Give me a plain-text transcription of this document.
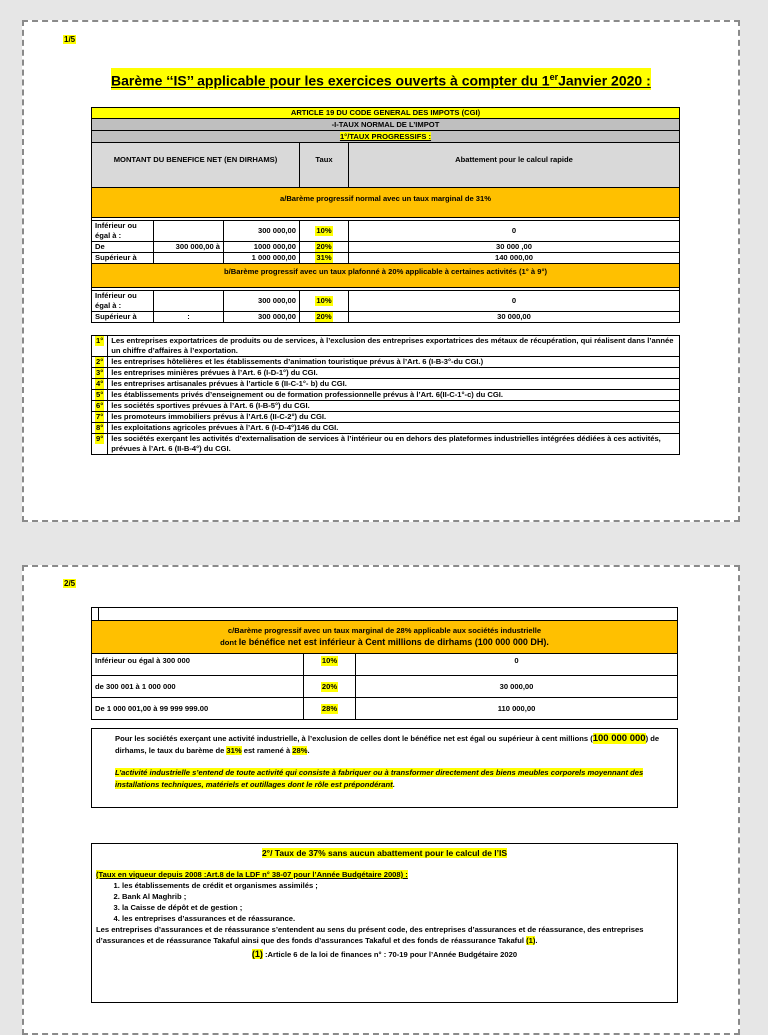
1/5
Barème ‘‘IS’’ applicable pour les exercices ouverts à compter du 1erJanvier 2020 :
ARTICLE 19 DU CODE GENERAL DES IMPOTS (CGI)				
-I-TAUX NORMAL DE L’IMPOT				
1°/TAUX PROGRESSIFS :				
MONTANT DU BENEFICE NET (EN DIRHAMS)			Taux	Abattement pour le calcul rapide
a/Barème progressif normal avec un taux marginal de 31%				

Inférieur ou égal à :		300 000,00	10%	0
De	300 000,00 à	1000 000,00	20%	30 000 ,00
Supérieur à		1 000 000,00	31%	140 000,00
b/Barème progressif avec un taux plafonné à 20% applicable à certaines activités (1° à 9°)				

Inférieur ou égal à :		300 000,00	10%	0
Supérieur à	:	300 000,00	20%	30 000,00
1°	Les entreprises exportatrices de produits ou de services, à l’exclusion des entreprises exportatrices des métaux de récupération, qui réalisent dans l’année un chiffre d’affaires à l’exportation.
2°	les entreprises hôtelières et les établissements d’animation touristique prévus à l’Art. 6 (I-B-3°-du CGI.)
3°	les entreprises minières prévues à l’Art. 6 (I-D-1°) du CGI.
4°	les entreprises artisanales prévues à l’article 6 (II-C-1°- b) du CGI.
5°	les établissements privés d’enseignement ou de formation professionnelle prévus à l’Art. 6(II-C-1°-c) du CGI.
6°	les sociétés sportives prévues à l’Art. 6 (I-B-5°) du CGI.
7°	les promoteurs immobiliers prévus à l’Art.6 (II-C-2°) du CGI.
8°	les exploitations agricoles prévues à l’Art. 6 (I-D-4°)146 du CGI.
9°	les sociétés exerçant les activités d’externalisation de services à l’intérieur ou en dehors des plateformes industrielles intégrées dédiées à ces activités, prévues à l’Art. 6 (II-B-4°) du CGI.
2/5

c/Barème progressif avec un taux marginal de 28% applicable aux sociétés industrielle
dont le bénéfice net est inférieur à Cent millions de dirhams (100 000 000 DH).			

Inférieur ou égal à 300 000		10%	0
de 300 001 à 1 000 000		20%	30 000,00
De 1 000 001,00 à 99 999 999.00		28%	110 000,00
Pour les sociétés exerçant une activité industrielle, à l’exclusion de celles dont le bénéfice net est égal ou supérieur à cent millions (100 000 000) de dirhams, le taux du barème de 31% est ramené à 28%.
L’activité industrielle s’entend de toute activité qui consiste à fabriquer ou à transformer directement des biens meubles corporels moyennant des installations techniques, matériels et outillages dont le rôle est prépondérant.
2°/ Taux de 37% sans aucun abattement pour le calcul de l’IS
(Taux en vigueur depuis 2008 :Art.8 de la LDF n° 38-07 pour l’Année Budgétaire 2008) :
1. les établissements de crédit et organismes assimilés ;
2. Bank Al Maghrib ;
3. la Caisse de dépôt et de gestion ;
4. les entreprises d’assurances et de réassurance.
Les entreprises d’assurances et de réassurance s’entendent au sens du présent code, des entreprises d’assurances et de réassurance, des entreprises d’assurances et de réassurance Takaful ainsi que des fonds d’assurances Takaful et des fonds de réassurance Takaful (1).
(1) :Article 6 de la loi de finances n° : 70-19 pour l’Année Budgétaire 2020
